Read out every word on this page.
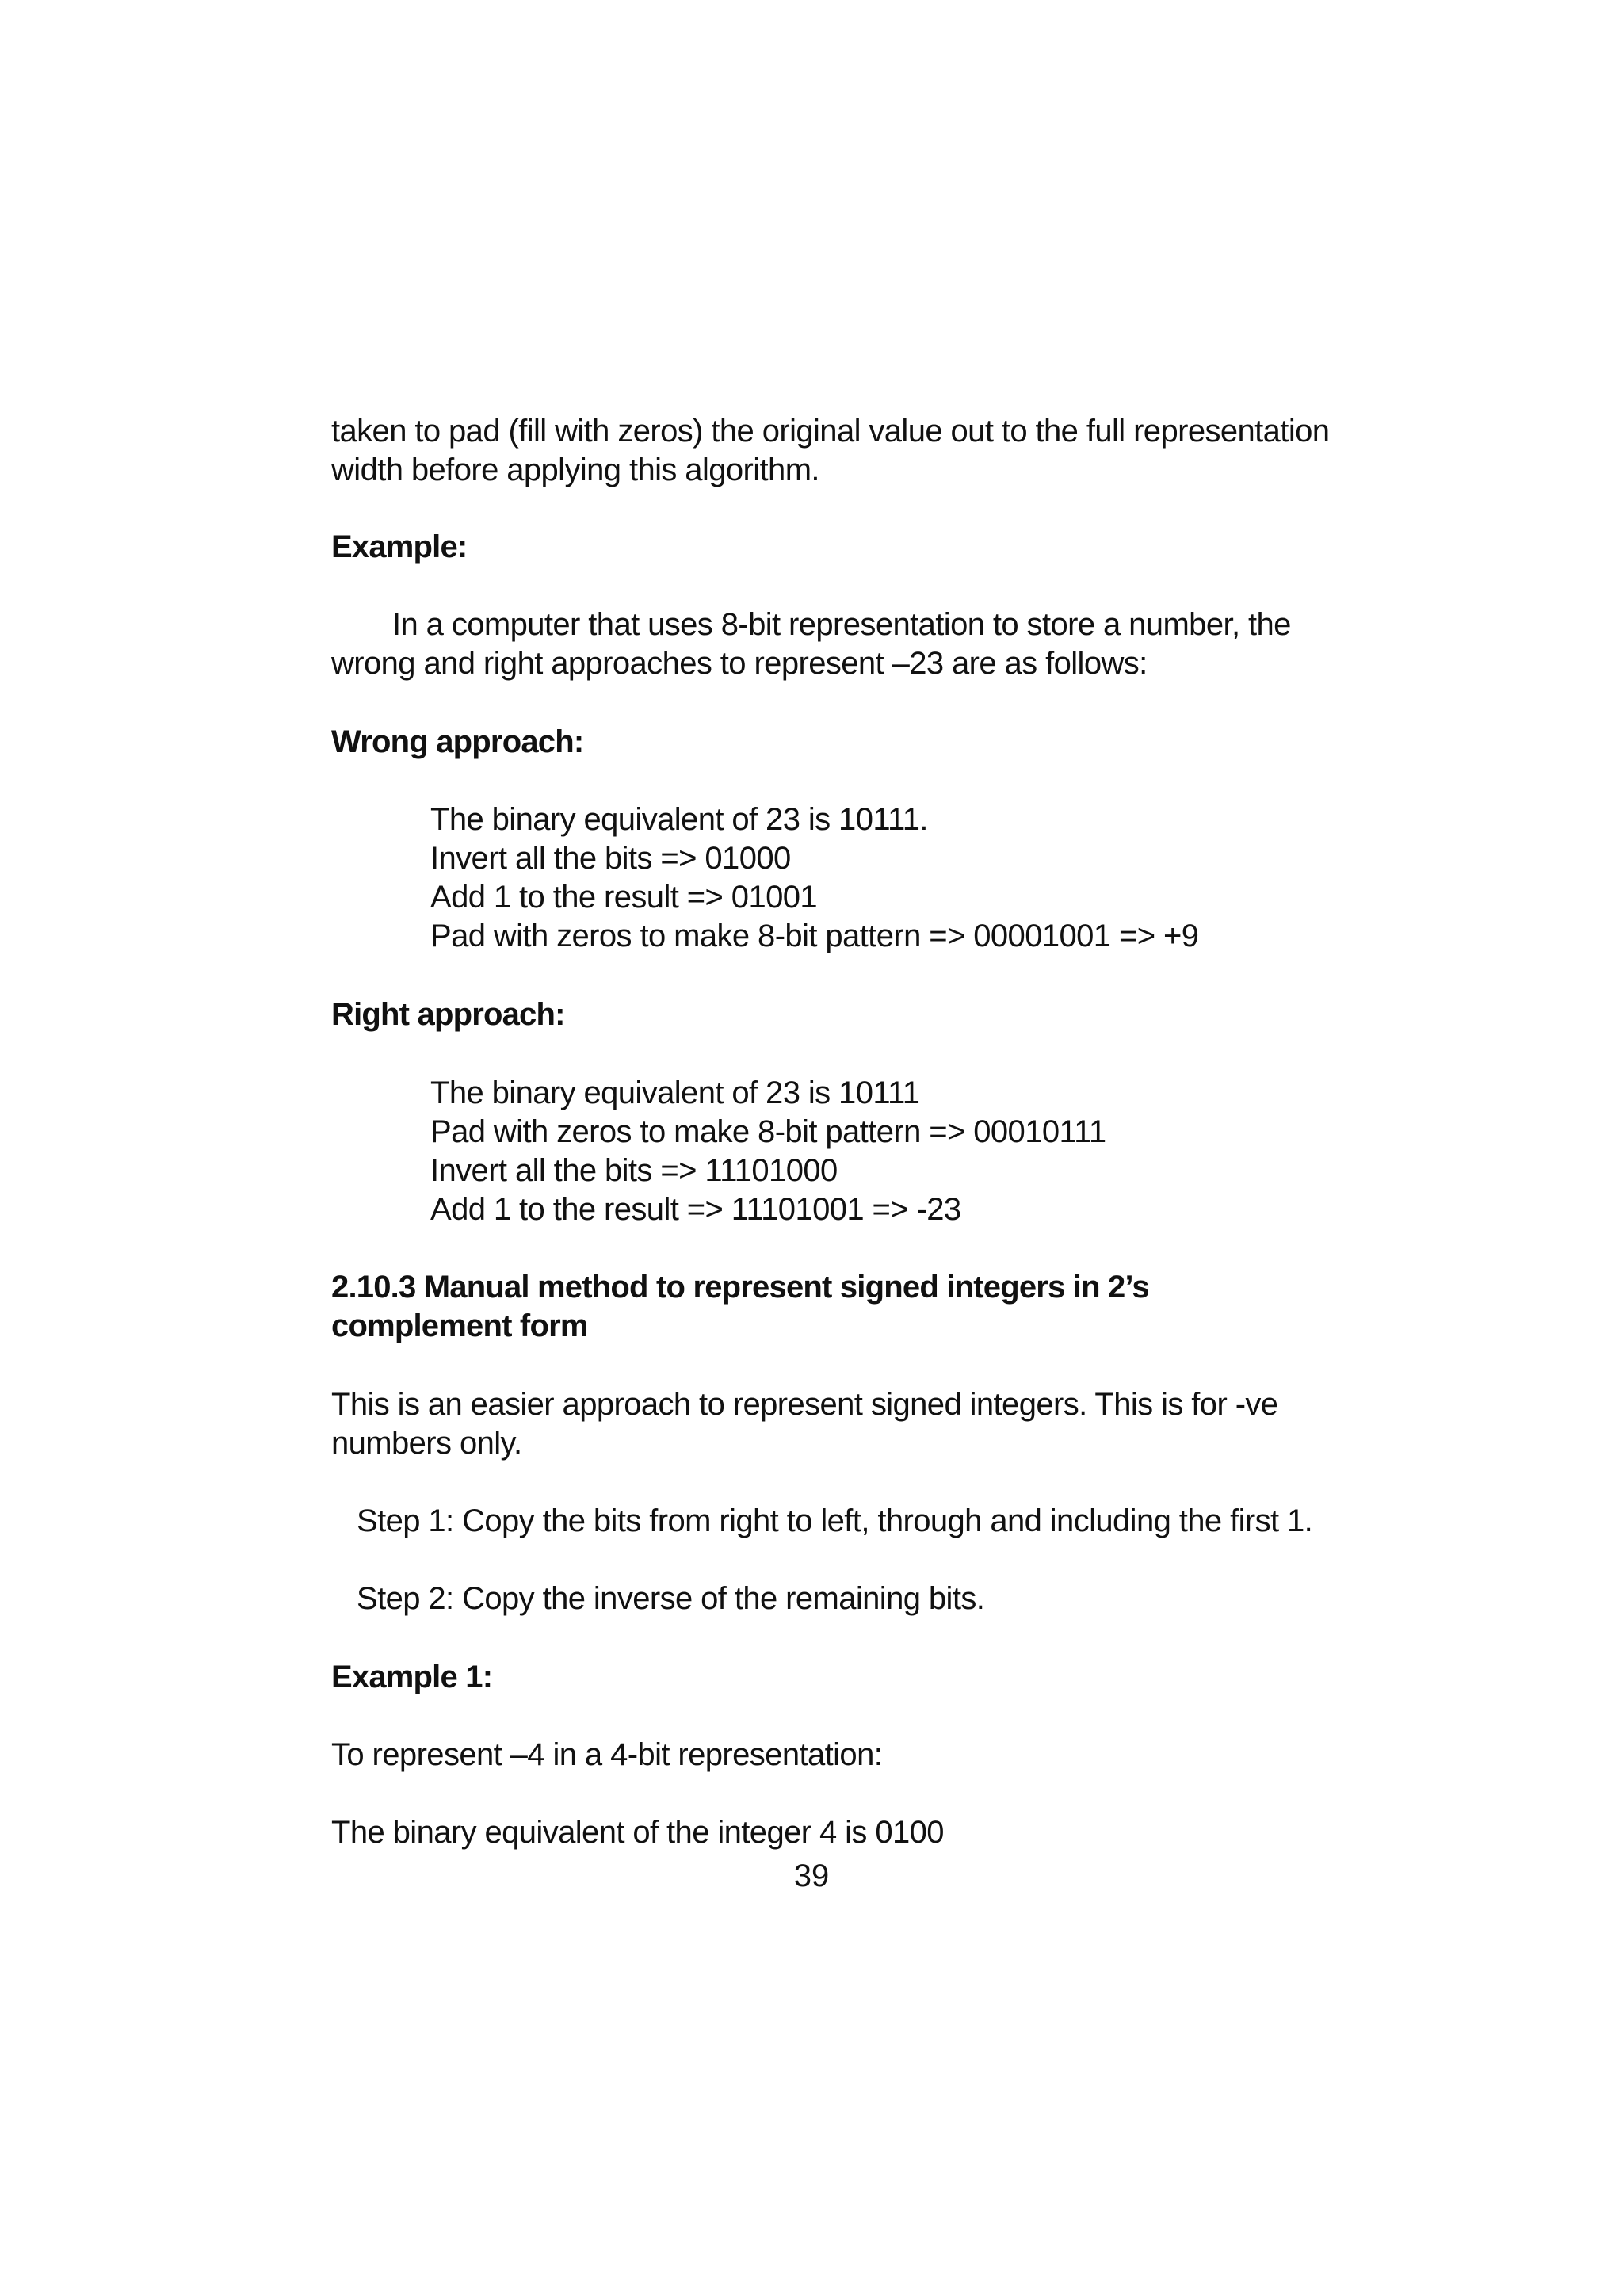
taken to pad (fill with zeros) the original value out to the full representation
width before applying this algorithm.

Example:

In a computer that uses 8-bit representation to store a number, the
wrong and right approaches to represent –23 are as follows:

Wrong approach:

The binary equivalent of 23 is 10111.
Invert all the bits => 01000
Add 1 to the result => 01001
Pad with zeros to make 8-bit pattern => 00001001 => +9

Right approach:

The binary equivalent of 23 is 10111
Pad with zeros to make 8-bit pattern => 00010111
Invert all the bits => 11101000
Add 1 to the result => 11101001 => -23

2.10.3 Manual method to represent signed integers in 2’s
complement form

This is an easier approach to represent signed integers. This is for -ve
numbers only.

Step 1: Copy the bits from right to left, through and including the first 1.

Step 2: Copy the inverse of the remaining bits.

Example 1:

To represent –4 in a 4-bit representation:

The binary equivalent of the integer 4 is 0100

39
